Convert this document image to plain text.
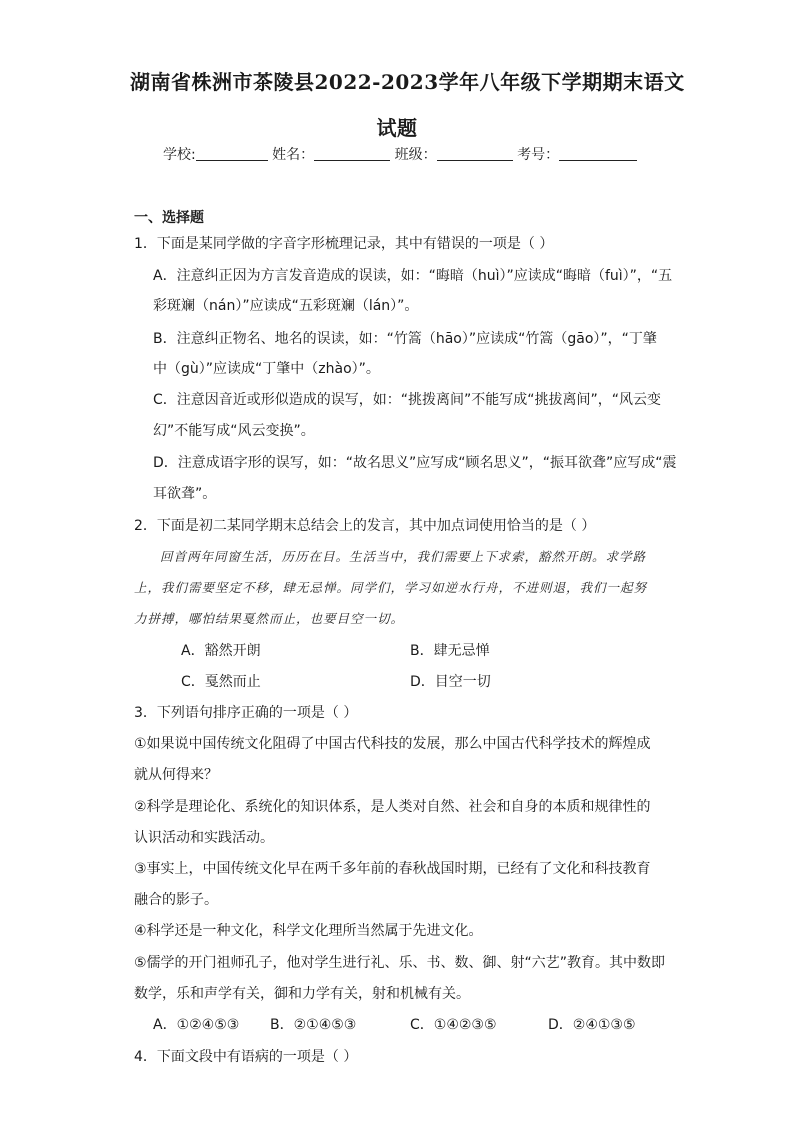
湖南省株洲市茶陵县2022-2023学年八年级下学期期末语文
试题
学校:	姓名：	班级：	考号：
一、选择题
1．下面是某同学做的字音字形梳理记录，其中有错误的一项是（ ）
A．注意纠正因为方言发音造成的误读，如：“晦暗（huì）”应读成“晦暗（fuì）”，“五
彩斑斓（nán）”应读成“五彩斑斓（lán）”。
B．注意纠正物名、地名的误读，如：“竹篙（hāo）”应读成“竹篙（gāo）”，“丁肇
中（gù）”应读成“丁肇中（zhào）”。
C．注意因音近或形似造成的误写，如：“挑拨离间”不能写成“挑拔离间”，“风云变
幻”不能写成“风云变换”。
D．注意成语字形的误写，如：“故名思义”应写成“顾名思义”，“振耳欲聋”应写成“震
耳欲聋”。
2．下面是初二某同学期末总结会上的发言，其中加点词使用恰当的是（ ）
回首两年同窗生活，历历在目。生活当中，我们需要上下求索，豁然开朗。求学路
上，我们需要坚定不移，肆无忌惮。同学们，学习如逆水行舟，不进则退，我们一起努
力拼搏，哪怕结果戛然而止，也要目空一切。
A．豁然开朗	B．肆无忌惮
C．戛然而止	D．目空一切
3．下列语句排序正确的一项是（ ）
①如果说中国传统文化阻碍了中国古代科技的发展，那么中国古代科学技术的辉煌成
就从何得来？
②科学是理论化、系统化的知识体系，是人类对自然、社会和自身的本质和规律性的
认识活动和实践活动。
③事实上，中国传统文化早在两千多年前的春秋战国时期，已经有了文化和科技教育
融合的影子。
④科学还是一种文化，科学文化理所当然属于先进文化。
⑤儒学的开门祖师孔子，他对学生进行礼、乐、书、数、御、射“六艺”教育。其中数即
数学，乐和声学有关，御和力学有关，射和机械有关。
A．①②④⑤③ B．②①④⑤③	C．①④②③⑤	D．②④①③⑤
4．下面文段中有语病的一项是（ ）
